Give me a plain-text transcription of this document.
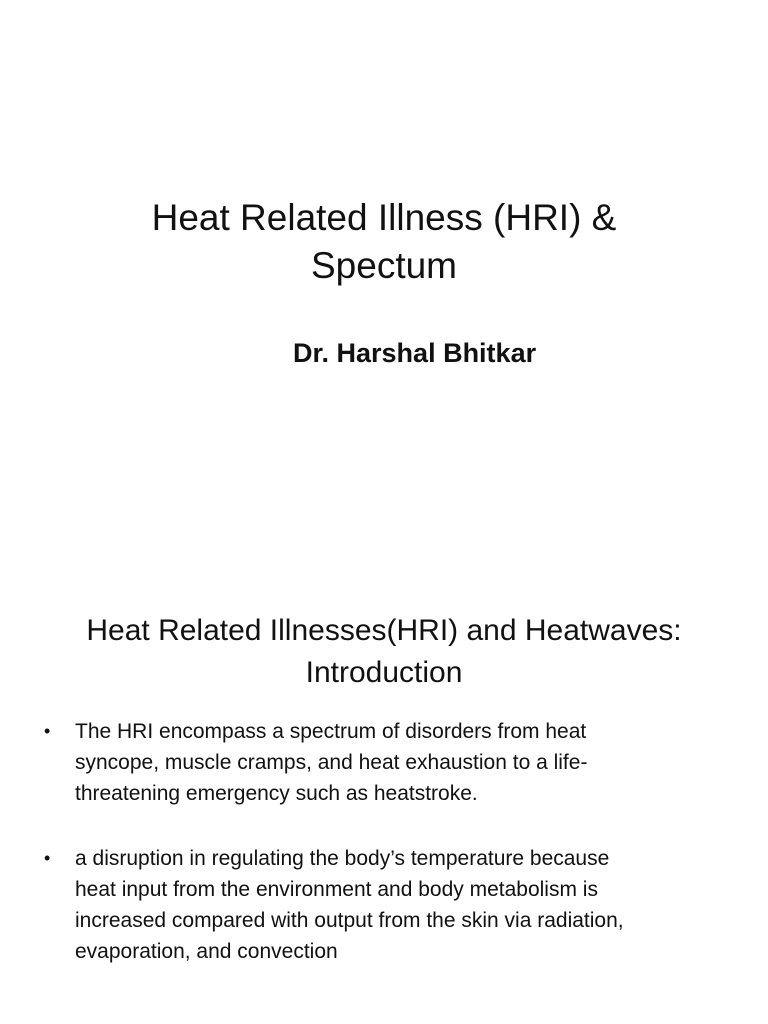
Heat Related Illness (HRI) &
Spectum

Dr. Harshal Bhitkar

Heat Related Illnesses(HRI) and Heatwaves:
Introduction
• The HRI encompass a spectrum of disorders from heat
syncope, muscle cramps, and heat exhaustion to a life-
threatening emergency such as heatstroke.
• a disruption in regulating the body’s temperature because
heat input from the environment and body metabolism is
increased compared with output from the skin via radiation,
evaporation, and convection
